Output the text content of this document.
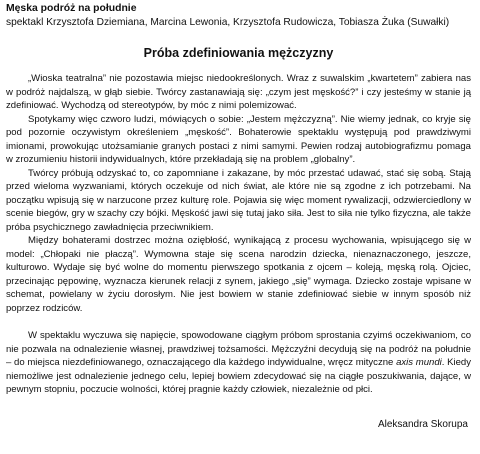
Męska podróż na południe

spektakl Krzysztofa Dziemiana, Marcina Lewonia, Krzysztofa Rudowicza, Tobiasza Żuka (Suwałki)

Próba zdefiniowania mężczyzny

„Wioska teatralna” nie pozostawia miejsc niedookreślonych. Wraz z suwalskim „kwartetem” zabiera nas w podróż najdalszą, w głąb siebie. Twórcy zastanawiają się: „czym jest męskość?” i czy jesteśmy w stanie ją zdefiniować. Wychodzą od stereotypów, by móc z nimi polemizować.

Spotykamy więc czworo ludzi, mówiących o sobie: „Jestem mężczyzną”. Nie wiemy jednak, co kryje się pod pozornie oczywistym określeniem „męskość”. Bohaterowie spektaklu występują pod prawdziwymi imionami, prowokując utożsamianie granych postaci z nimi samymi. Pewien rodzaj autobiografizmu pomaga w zrozumieniu historii indywidualnych, które przekładają się na problem „globalny”.

Twórcy próbują odzyskać to, co zapomniane i zakazane, by móc przestać udawać, stać się sobą. Stają przed wieloma wyzwaniami, których oczekuje od nich świat, ale które nie są zgodne z ich potrzebami. Na początku wpisują się w narzucone przez kulturę role. Pojawia się więc moment rywalizacji, odzwierciedlony w scenie biegów, gry w szachy czy bójki. Męskość jawi się tutaj jako siła. Jest to siła nie tylko fizyczna, ale także próba psychicznego zawładnięcia przeciwnikiem.

Między bohaterami dostrzec można oziębłość, wynikającą z procesu wychowania, wpisującego się w model: „Chłopaki nie płaczą”. Wymowna staje się scena narodzin dziecka, nienaznaczonego, jeszcze, kulturowo. Wydaje się być wolne do momentu pierwszego spotkania z ojcem – koleją, męską rolą. Ojciec, przecinając pępowinę, wyznacza kierunek relacji z synem, jakiego „się” wymaga. Dziecko zostaje wpisane w schemat, powielany w życiu dorosłym. Nie jest bowiem w stanie zdefiniować siebie w innym sposób niż poprzez rodziców.

W spektaklu wyczuwa się napięcie, spowodowane ciągłym próbom sprostania czyimś oczekiwaniom, co nie pozwala na odnalezienie własnej, prawdziwej tożsamości. Mężczyźni decydują się na podróż na południe – do miejsca niezdefiniowanego, oznaczającego dla każdego indywidualne, wręcz mityczne axis mundi. Kiedy niemożliwe jest odnalezienie jednego celu, lepiej bowiem zdecydować się na ciągłe poszukiwania, dające, w pewnym stopniu, poczucie wolności, której pragnie każdy człowiek, niezależnie od płci.

Aleksandra Skorupa
